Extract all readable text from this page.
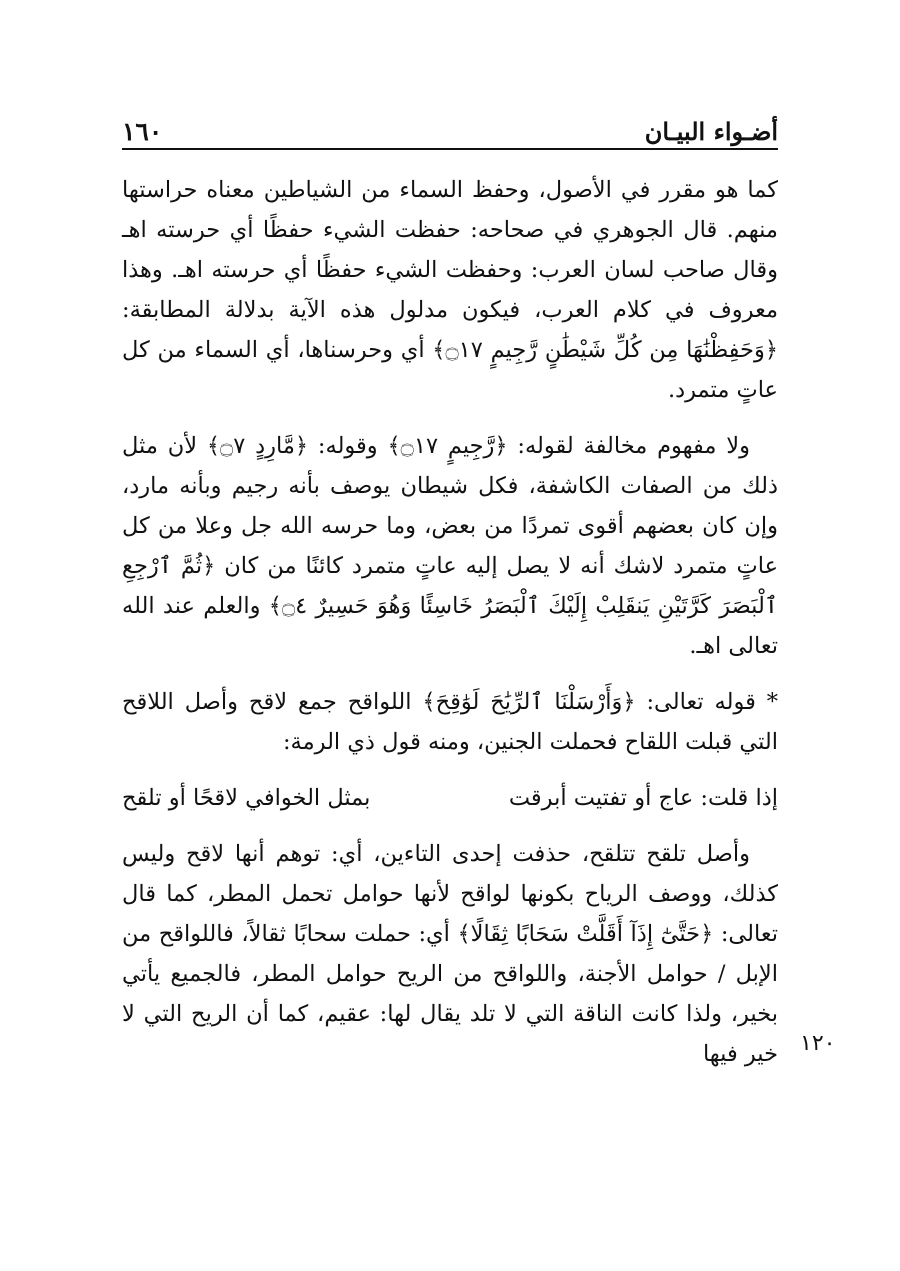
١٦٠	أضـواء البيـان

كما هو مقرر في الأصول، وحفظ السماء من الشياطين معناه حراستها منهم. قال الجوهري في صحاحه: حفظت الشيء حفظًا أي حرسته اهـ وقال صاحب لسان العرب: وحفظت الشيء حفظًا أي حرسته اهـ. وهذا معروف في كلام العرب، فيكون مدلول هذه الآية بدلالة المطابقة: ﴿وَحَفِظْنَٰهَا مِن كُلِّ شَيْطَٰنٍ رَّجِيمٍ ۝١٧﴾ أي وحرسناها، أي السماء من كل عاتٍ متمرد.

ولا مفهوم مخالفة لقوله: ﴿رَّجِيمٍ ۝١٧﴾ وقوله: ﴿مَّارِدٍ ۝٧﴾ لأن مثل ذلك من الصفات الكاشفة، فكل شيطان يوصف بأنه رجيم وبأنه مارد، وإن كان بعضهم أقوى تمردًا من بعض، وما حرسه الله جل وعلا من كل عاتٍ متمرد لاشك أنه لا يصل إليه عاتٍ متمرد كائنًا من كان ﴿ثُمَّ ٱرْجِعِ ٱلْبَصَرَ كَرَّتَيْنِ يَنقَلِبْ إِلَيْكَ ٱلْبَصَرُ خَاسِئًا وَهُوَ حَسِيرٌ ۝٤﴾ والعلم عند الله تعالى اهـ.

* قوله تعالى: ﴿وَأَرْسَلْنَا ٱلرِّيَٰحَ لَوَٰقِحَ﴾ اللواقح جمع لاقح وأصل اللاقح التي قبلت اللقاح فحملت الجنين، ومنه قول ذي الرمة:

إذا قلت: عاج أو تفتيت أبرقت
بمثل الخوافي لاقحًا أو تلقح

وأصل تلقح تتلقح، حذفت إحدى التاءين، أي: توهم أنها لاقح وليس كذلك، ووصف الرياح بكونها لواقح لأنها حوامل تحمل المطر، كما قال تعالى: ﴿حَتَّىٰٓ إِذَآ أَقَلَّتْ سَحَابًا ثِقَالًا﴾ أي: حملت سحابًا ثقالاً، فاللواقح من الإبل / حوامل الأجنة، واللواقح من الريح حوامل المطر، فالجميع يأتي بخير، ولذا كانت الناقة التي لا تلد يقال لها: عقيم، كما أن الريح التي لا خير فيها ١٢٠
